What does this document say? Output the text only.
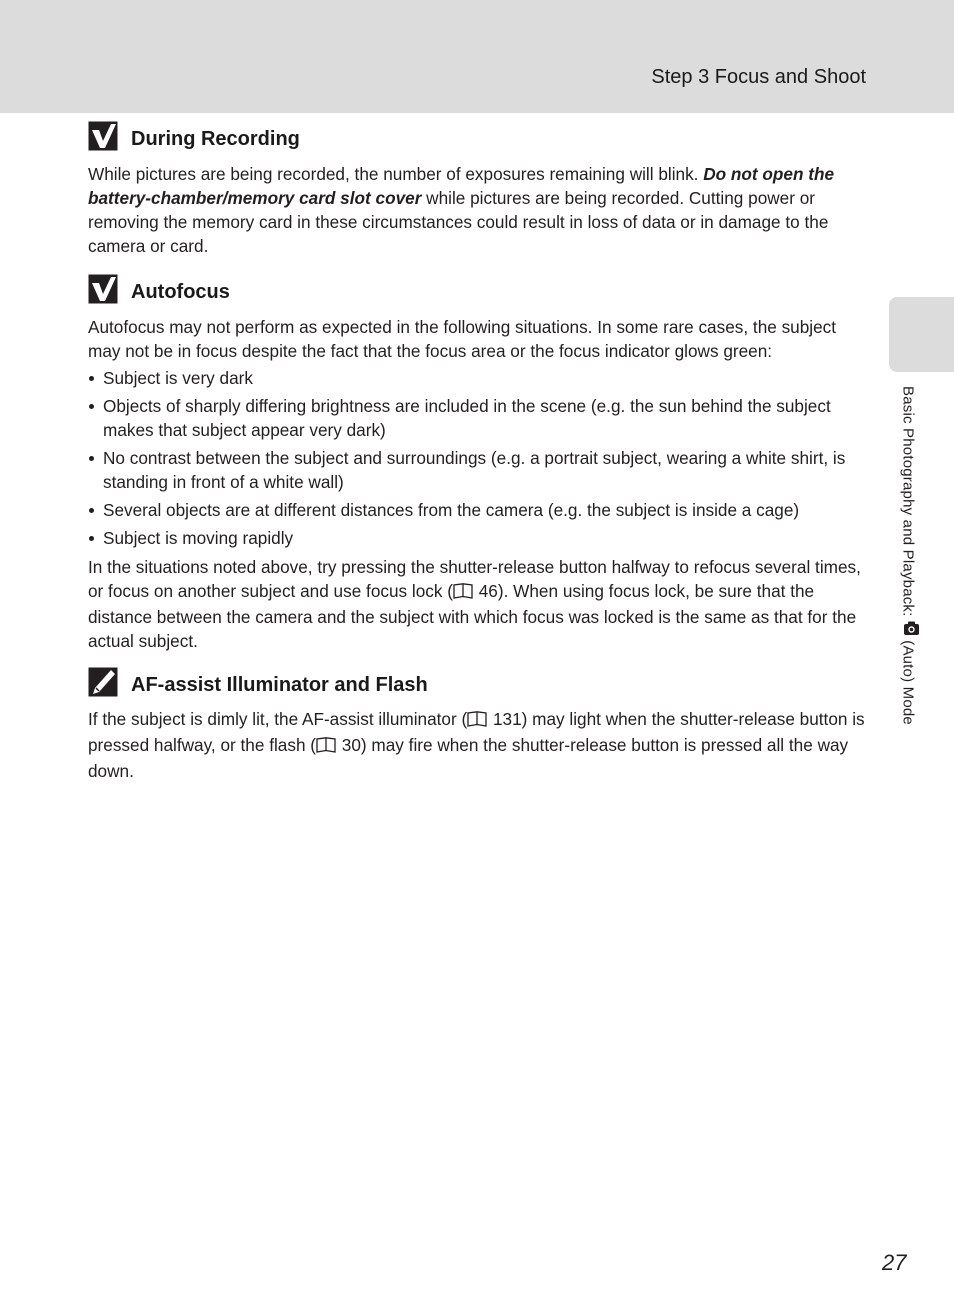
Step 3 Focus and Shoot
Basic Photography and Playback:  (Auto) Mode
During Recording

While pictures are being recorded, the number of exposures remaining will blink. Do not open the battery-chamber/memory card slot cover while pictures are being recorded. Cutting power or removing the memory card in these circumstances could result in loss of data or in damage to the camera or card.

Autofocus

Autofocus may not perform as expected in the following situations. In some rare cases, the subject may not be in focus despite the fact that the focus area or the focus indicator glows green:

Subject is very dark
Objects of sharply differing brightness are included in the scene (e.g. the sun behind the subject makes that subject appear very dark)
No contrast between the subject and surroundings (e.g. a portrait subject, wearing a white shirt, is standing in front of a white wall)
Several objects are at different distances from the camera (e.g. the subject is inside a cage)
Subject is moving rapidly

In the situations noted above, try pressing the shutter-release button halfway to refocus several times, or focus on another subject and use focus lock ( 46). When using focus lock, be sure that the distance between the camera and the subject with which focus was locked is the same as that for the actual subject.

AF-assist Illuminator and Flash

If the subject is dimly lit, the AF-assist illuminator ( 131) may light when the shutter-release button is pressed halfway, or the flash ( 30) may fire when the shutter-release button is pressed all the way down.

27
